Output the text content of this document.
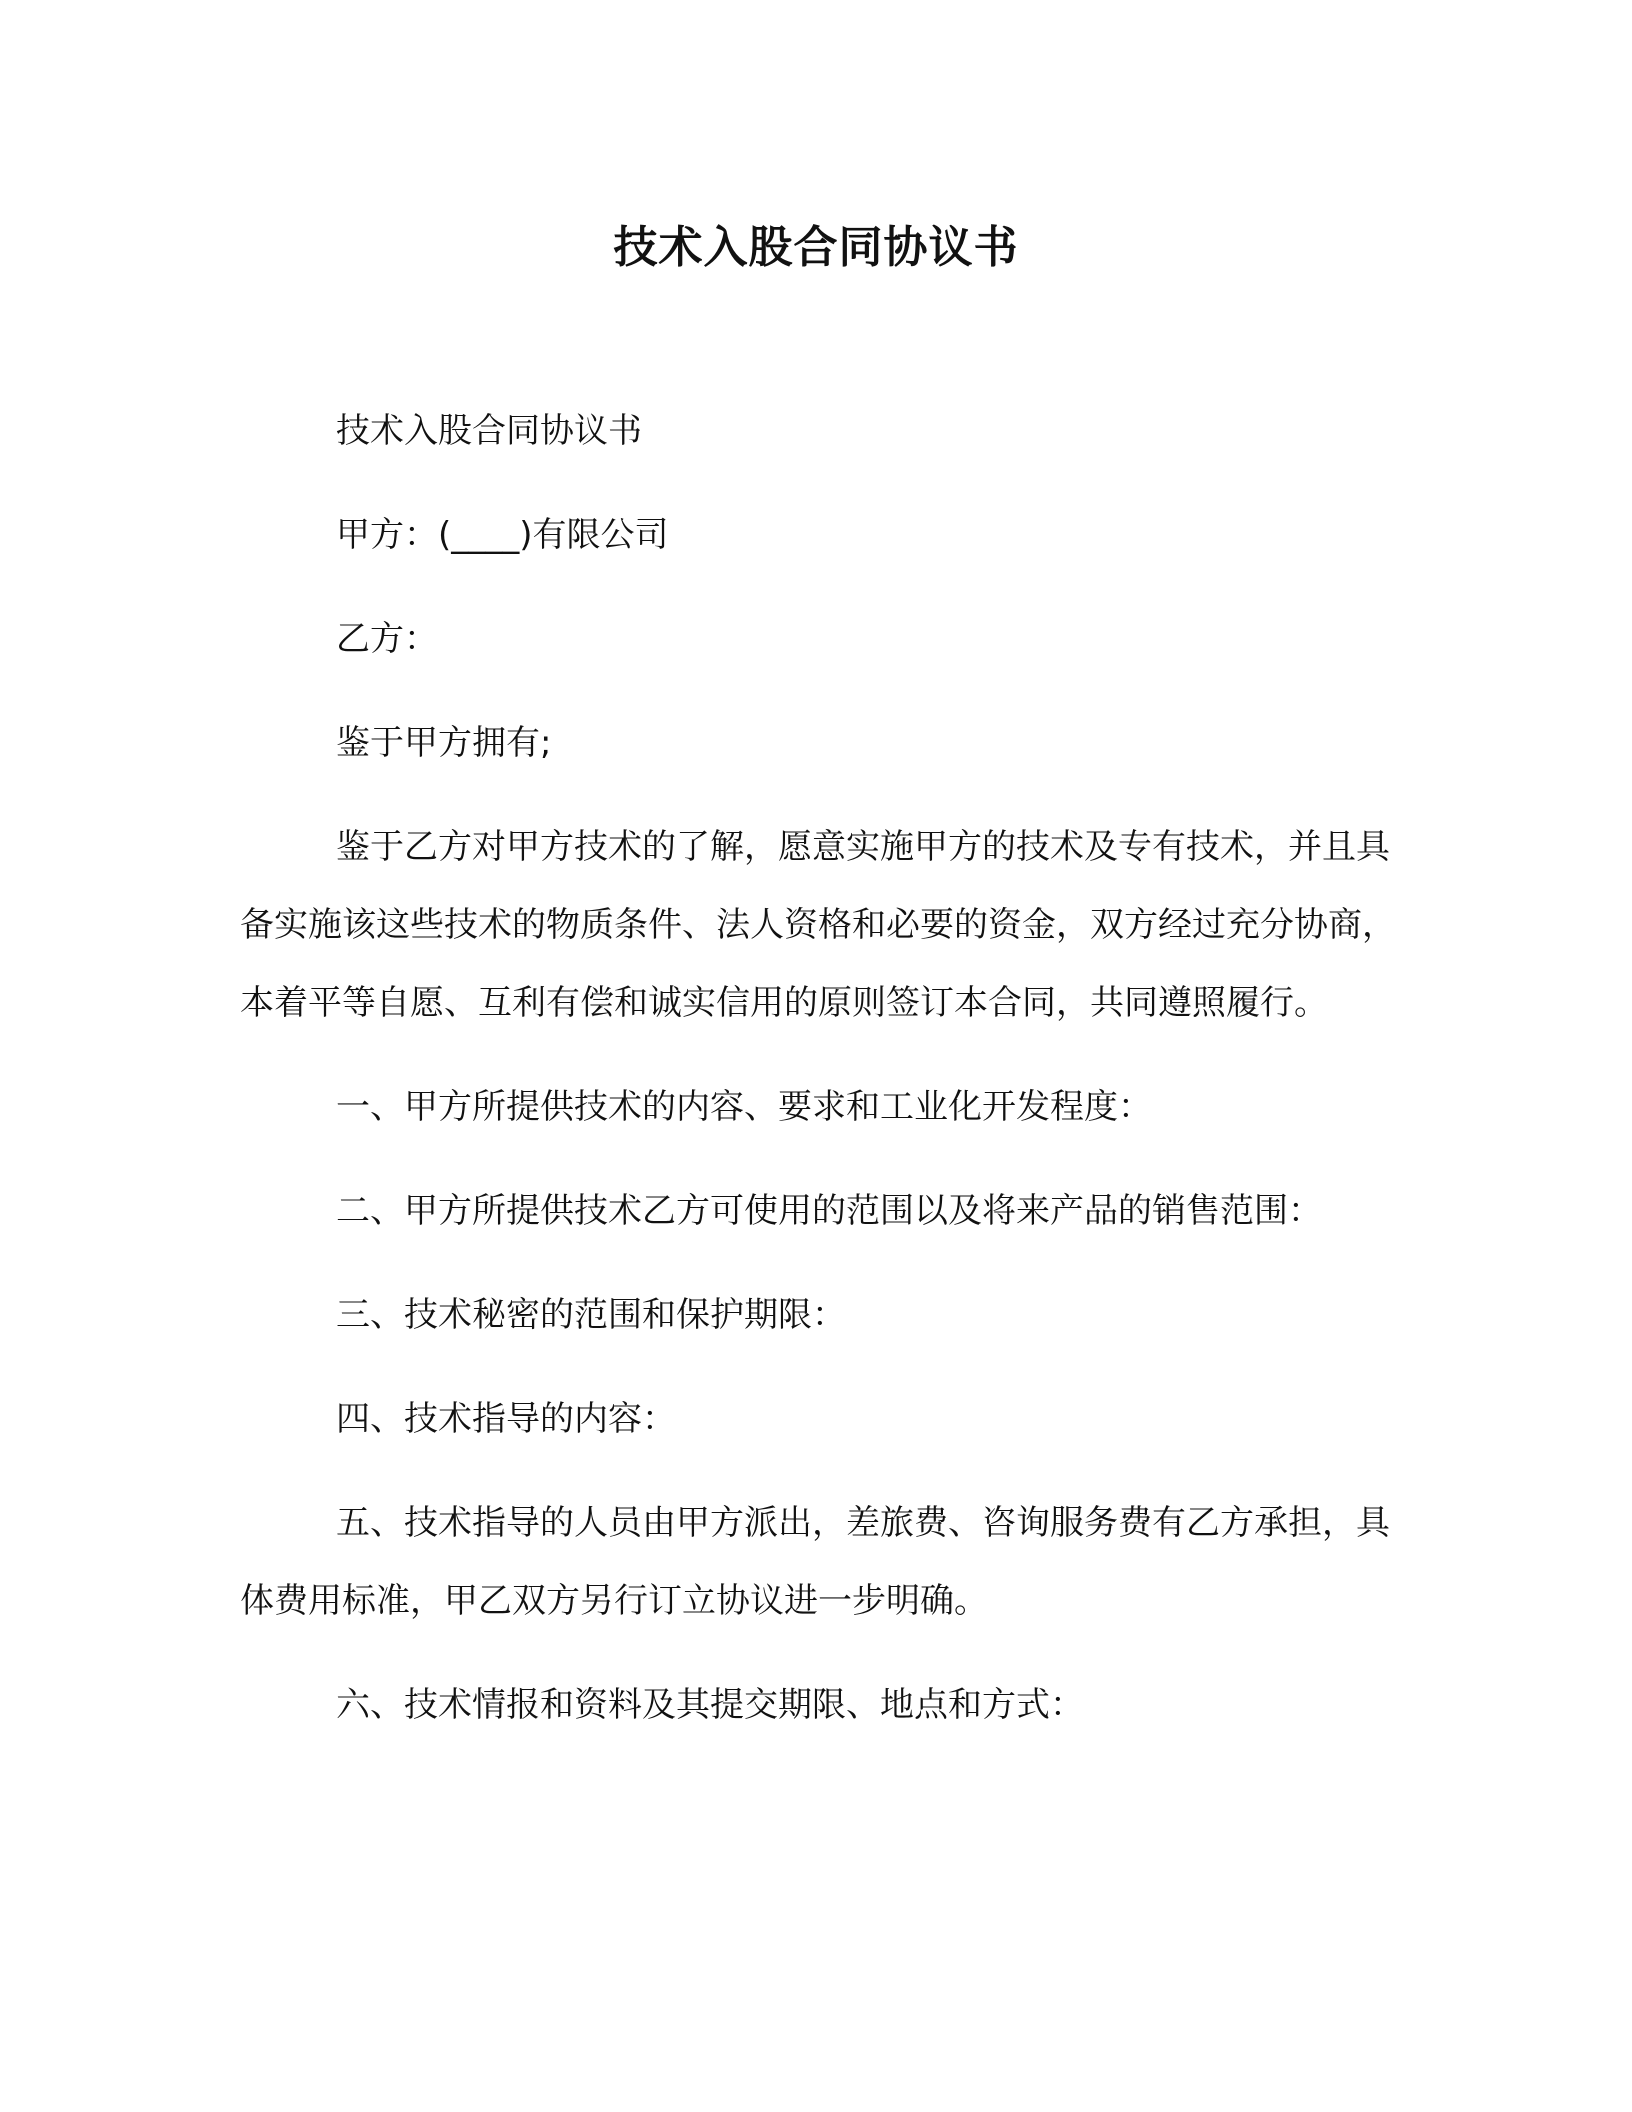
技术入股合同协议书

技术入股合同协议书

甲方：(____)有限公司

乙方：

鉴于甲方拥有;

鉴于乙方对甲方技术的了解，愿意实施甲方的技术及专有技术，并且具备实施该这些技术的物质条件、法人资格和必要的资金，双方经过充分协商，本着平等自愿、互利有偿和诚实信用的原则签订本合同，共同遵照履行。

一、甲方所提供技术的内容、要求和工业化开发程度：

二、甲方所提供技术乙方可使用的范围以及将来产品的销售范围：

三、技术秘密的范围和保护期限：

四、技术指导的内容：

五、技术指导的人员由甲方派出，差旅费、咨询服务费有乙方承担，具体费用标准，甲乙双方另行订立协议进一步明确。

六、技术情报和资料及其提交期限、地点和方式：
